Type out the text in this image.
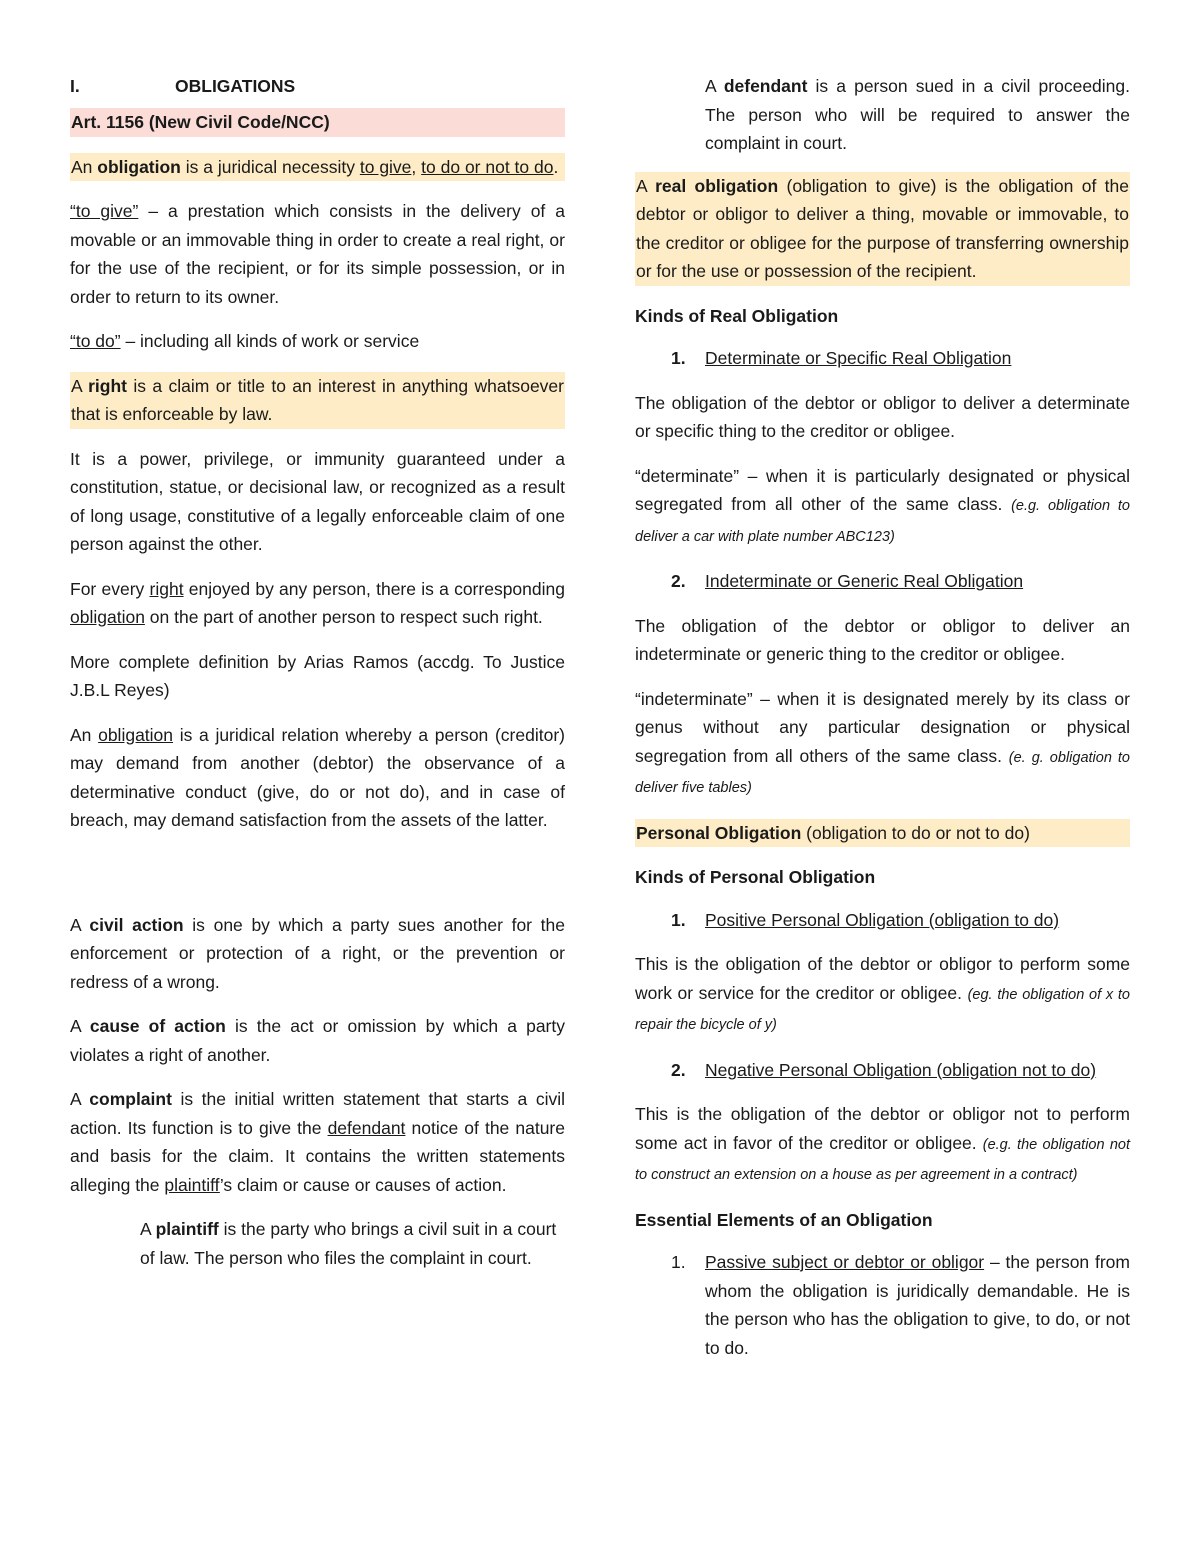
I.	OBLIGATIONS

Art. 1156 (New Civil Code/NCC)

An obligation is a juridical necessity to give, to do or not to do.

“to give” – a prestation which consists in the delivery of a movable or an immovable thing in order to create a real right, or for the use of the recipient, or for its simple possession, or in order to return to its owner.

“to do” – including all kinds of work or service

A right is a claim or title to an interest in anything whatsoever that is enforceable by law.

It is a power, privilege, or immunity guaranteed under a constitution, statue, or decisional law, or recognized as a result of long usage, constitutive of a legally enforceable claim of one person against the other.

For every right enjoyed by any person, there is a corresponding obligation on the part of another person to respect such right.

More complete definition by Arias Ramos (accdg. To Justice J.B.L Reyes)

An obligation is a juridical relation whereby a person (creditor) may demand from another (debtor) the observance of a determinative conduct (give, do or not do), and in case of breach, may demand satisfaction from the assets of the latter.

A civil action is one by which a party sues another for the enforcement or protection of a right, or the prevention or redress of a wrong.

A cause of action is the act or omission by which a party violates a right of another.

A complaint is the initial written statement that starts a civil action. Its function is to give the defendant notice of the nature and basis for the claim. It contains the written statements alleging the plaintiff’s claim or cause or causes of action.

A plaintiff is the party who brings a civil suit in a court of law. The person who files the complaint in court.

A defendant is a person sued in a civil proceeding. The person who will be required to answer the complaint in court.

A real obligation (obligation to give) is the obligation of the debtor or obligor to deliver a thing, movable or immovable, to the creditor or obligee for the purpose of transferring ownership or for the use or possession of the recipient.

Kinds of Real Obligation
1.	Determinate or Specific Real Obligation

The obligation of the debtor or obligor to deliver a determinate or specific thing to the creditor or obligee.

“determinate” – when it is particularly designated or physical segregated from all other of the same class. (e.g. obligation to deliver a car with plate number ABC123)

2.	Indeterminate or Generic Real Obligation

The obligation of the debtor or obligor to deliver an indeterminate or generic thing to the creditor or obligee.

“indeterminate” – when it is designated merely by its class or genus without any particular designation or physical segregation from all others of the same class. (e. g. obligation to deliver five tables)

Personal Obligation (obligation to do or not to do)

Kinds of Personal Obligation
1.	Positive Personal Obligation (obligation to do)

This is the obligation of the debtor or obligor to perform some work or service for the creditor or obligee. (eg. the obligation of x to repair the bicycle of y)

2.	Negative Personal Obligation (obligation not to do)

This is the obligation of the debtor or obligor not to perform some act in favor of the creditor or obligee. (e.g. the obligation not to construct an extension on a house as per agreement in a contract)

Essential Elements of an Obligation
1.	Passive subject or debtor or obligor – the person from whom the obligation is juridically demandable. He is the person who has the obligation to give, to do, or not to do.
